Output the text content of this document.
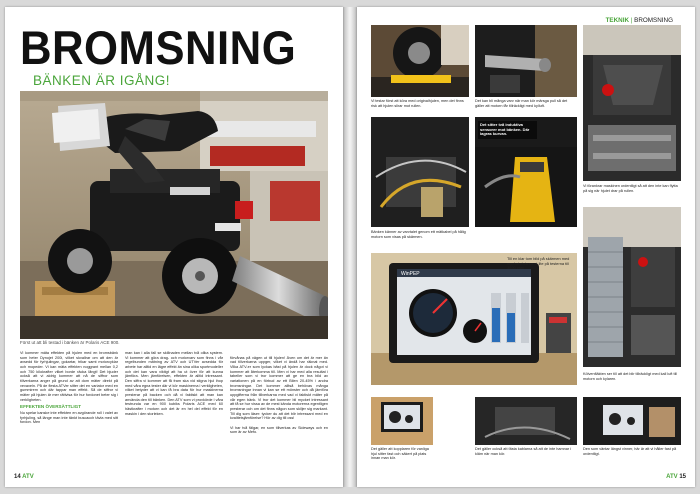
BROMSNING
BÄNKEN ÄR IGÅNG!
Först ut att bli testad i bänken är Polaris ACE 900.

Vi kommer mäta effekten på hjulen med en bromsbänk som heter Dynojet 200i, vilket skvallrar om att den är avsedd för fyrhjulingar, gokartar, trikar samt motorcyklar och mopeder. Vi kan mäta effekten noggrant mellan 0,2 och 750 kilokrafter vilket borde räcka långt! Det bjuder också att vi aldrig kommer att nå de siffror som tillverkarna anger på grund av att dom mäter direkt på vevaxeln. På de flesta ATVer sitter det en variator med en gummirem och där tappar man effekt. Så de siffror vi mäter på hjulen är mer rättvisa för hur fordonet beter sig i verkligheten.

EFFEKTEN ÖVERSÄTTLIGT

Nu spelar kanske inte effekten en avgörande roll i valet av fyrhjuling, så länge man inte tänkt buscacch tävla med sitt fordon. Men

man kan i alla fall se skillnaden mellan två olika system. Vi kommer att göra drag- och motorvarv som finns i vår regelbunden mätning av ATV och UTVer avsedda för arbete har alltid en lägre effekt än sina olika sportmodeller och det kan vara viktigt att ha ut över för att kunna jämföra. Men jämförelsen, effekten är alltid intressant. Den siffra vi kommer att få fram ska vid stigna hjul ihop med våra egna tester där vi kör maskinerna i verkligheten, vilket betyder att vi kan få bra data för hur maskinerna presterar på backen och då vi faktiskt att man kan använda den till bänken. Den ATV som vi provkörde i våra testrunda var en 900 kubiks Polaris ACE med 60 hästkrafter i motorn och det är en hel del effekt för en maskin i den storleken.

förvånas på vägen ut till hjulen! Även om det är mer än vad tillverkarna uppger, vilket vi ändå har räknat med. Vilka ATV-er som lyckas bäst på hjulen är dock något vi kommer att återkomma till. Men vi har med alla resultat i tabeller som vi tror kommer att ge en bra bild av variationen på en förbud av ett Bilen 20-45% i andra bromsningar. Det kommer alltså behövas många bromsningar innan vi kan se ett mönster och då jämföra uppgifterna från tillverkarna med vad vi faktiskt mäter på vår egen bänk. Vi tror det kommer bli mycket intressant att få se hur vissa av de mest kända motorerna egentligen presterar och om det finns någon som skiljer sig markant. Till dig som läser: tycker du att det blir intressant med en kvalitetsjämförelse? Hör av dig till oss!

Vi har två fälgar, en som tillverkas av Sideways och en som är av Mefo.

14 ATV
TEKNIK | BROMSNING
Vi testar först att köra med originalhjulen, men det finns risk att hjulen slirar mot rullen.
Det kan bli många varv när man kör märsga pull så det gäller att motorn får tillräckligt med kylluft.
Vi förankrar maskinen ordentligt så att den inte kan flytta på sig när hjulet drar på rullen.
Bänken känner av varvtalet genom ett mätkabel på hålig motorn som visas på skärmen.
Det sitter två induktiva sensorer mot bänken. Där lagras kurvan.
WinPEP
Till en klar tom bild på skärmen med mycket data samt lite på testerna till 3000 varv
Kölvenfläkten ser till att det blir tillräckligt med kall luft till motorn och kylaren.
Det gäller att kopplaren för vanliga hjul sitter fast och säkert på plats innan man kör.
Det gäller också att fästa kablarna så att de inte hamnar i kläm när man kör.
Den som väntar längst vinner, här är att vi håller fast på ordentligt.
ATV 15
